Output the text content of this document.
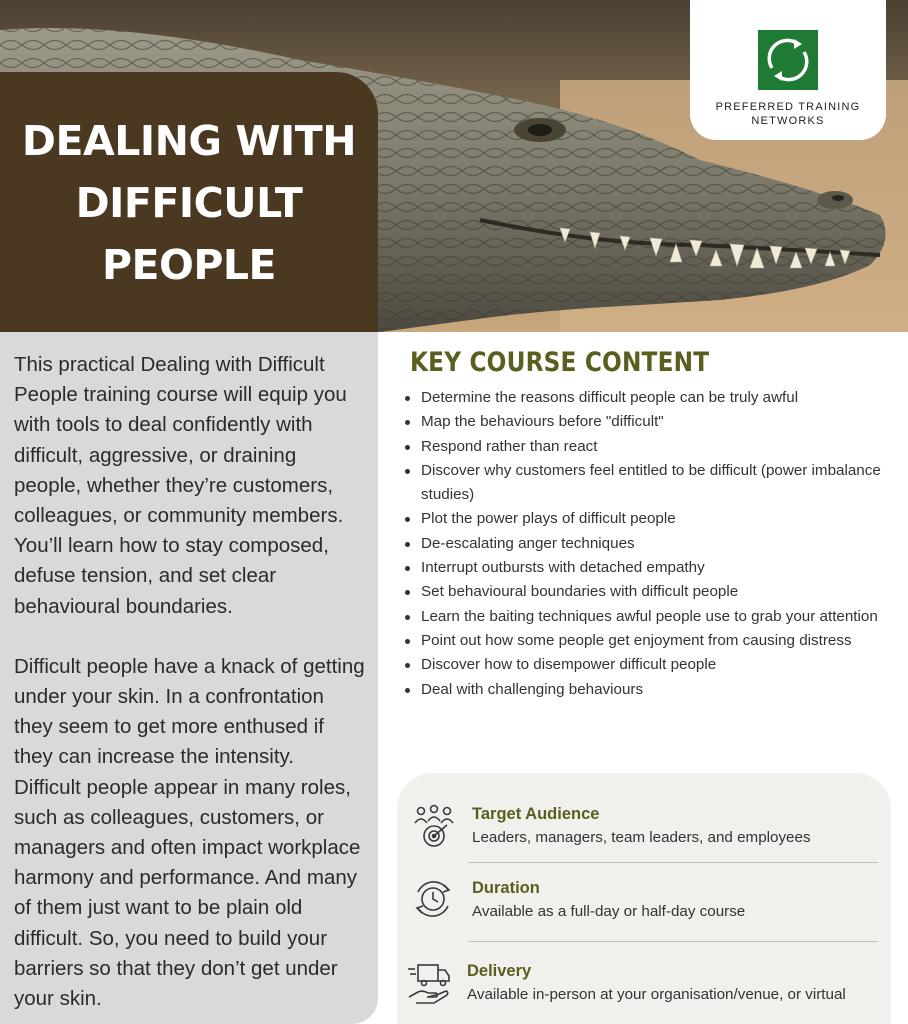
DEALING WITH
DIFFICULT
PEOPLE
PREFERRED TRAINING
NETWORKS

This practical Dealing with Difficult People training course will equip you with tools to deal confidently with difficult, aggressive, or draining people, whether they’re customers, colleagues, or community members. You’ll learn how to stay composed, defuse tension, and set clear behavioural boundaries.

Difficult people have a knack of getting under your skin. In a confrontation they seem to get more enthused if they can increase the intensity. Difficult people appear in many roles, such as colleagues, customers, or managers and often impact workplace harmony and performance. And many of them just want to be plain old difficult. So, you need to build your barriers so that they don’t get under your skin.

KEY COURSE CONTENT
Determine the reasons difficult people can be truly awful
Map the behaviours before "difficult"
Respond rather than react
Discover why customers feel entitled to be difficult (power imbalance studies)
Plot the power plays of difficult people
De-escalating anger techniques
Interrupt outbursts with detached empathy
Set behavioural boundaries with difficult people
Learn the baiting techniques awful people use to grab your attention
Point out how some people get enjoyment from causing distress
Discover how to disempower difficult people
Deal with challenging behaviours
Target Audience
Leaders, managers, team leaders, and employees
Duration
Available as a full-day or half-day course
Delivery
Available in-person at your organisation/venue, or virtual
